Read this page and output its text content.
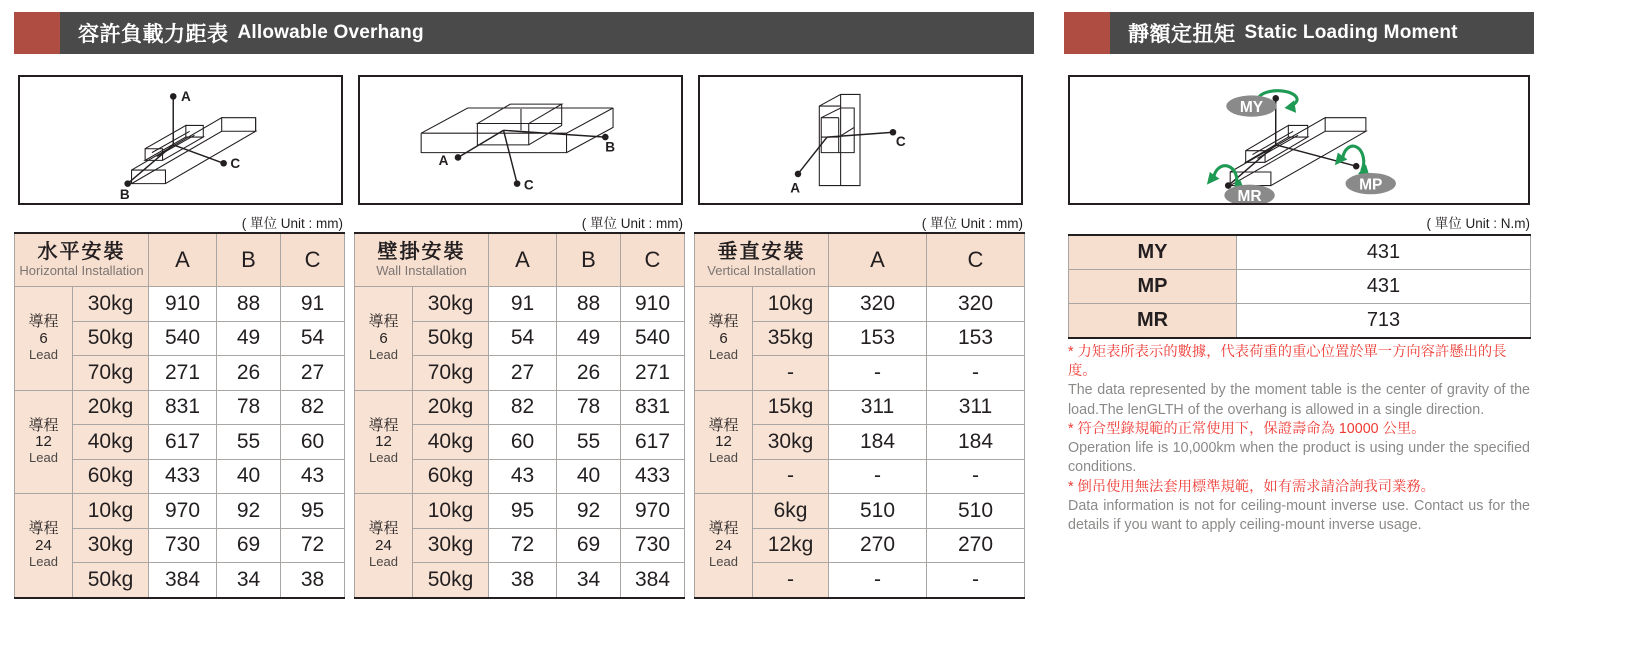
容許負載力距表 Allowable Overhang	靜額定扭矩 Static Loading Moment
A
C
B
A
B
C	A
C
MY
MP
MR
( 單位 Unit : mm)	( 單位 Unit : mm)	( 單位 Unit : mm)	( 單位 Unit : N.m)
水平安裝
Horizontal Installation		A	B	C

導程
6
Lead	30kg	910	88	91
	50kg	540	49	54
	70kg	271	26	27

導程
12
Lead	20kg	831	78	82
	40kg	617	55	60
	60kg	433	40	43

導程
24
Lead	10kg	970	92	95
	30kg	730	69	72
	50kg	384	34	38
壁掛安裝
Wall Installation		A	B	C

導程
6
Lead	30kg	91	88	910
	50kg	54	49	540
	70kg	27	26	271

導程
12
Lead	20kg	82	78	831
	40kg	60	55	617
	60kg	43	40	433

導程
24
Lead	10kg	95	92	970
	30kg	72	69	730
	50kg	38	34	384
垂直安裝
Vertical Installation		A	C

導程
6
Lead	10kg	320	320
	35kg	153	153
	-	-	-

導程
12
Lead	15kg	311	311
	30kg	184	184
	-	-	-

導程
24
Lead	6kg	510	510
	12kg	270	270
	-	-	-
MY	431
MP	431
MR	713
* 力矩表所表示的數據，代表荷重的重心位置於單一方向容許懸出的長度。
The data represented by the moment table is the center of gravity of the load.The lenGLTH of the overhang is allowed in a single direction.
* 符合型錄規範的正常使用下，保證壽命為 10000 公里。
Operation life is 10,000km when the product is using under the specified conditions.
* 倒吊使用無法套用標準規範，如有需求請洽詢我司業務。
Data information is not for ceiling-mount inverse use. Contact us for the details if you want to apply ceiling-mount inverse usage.
